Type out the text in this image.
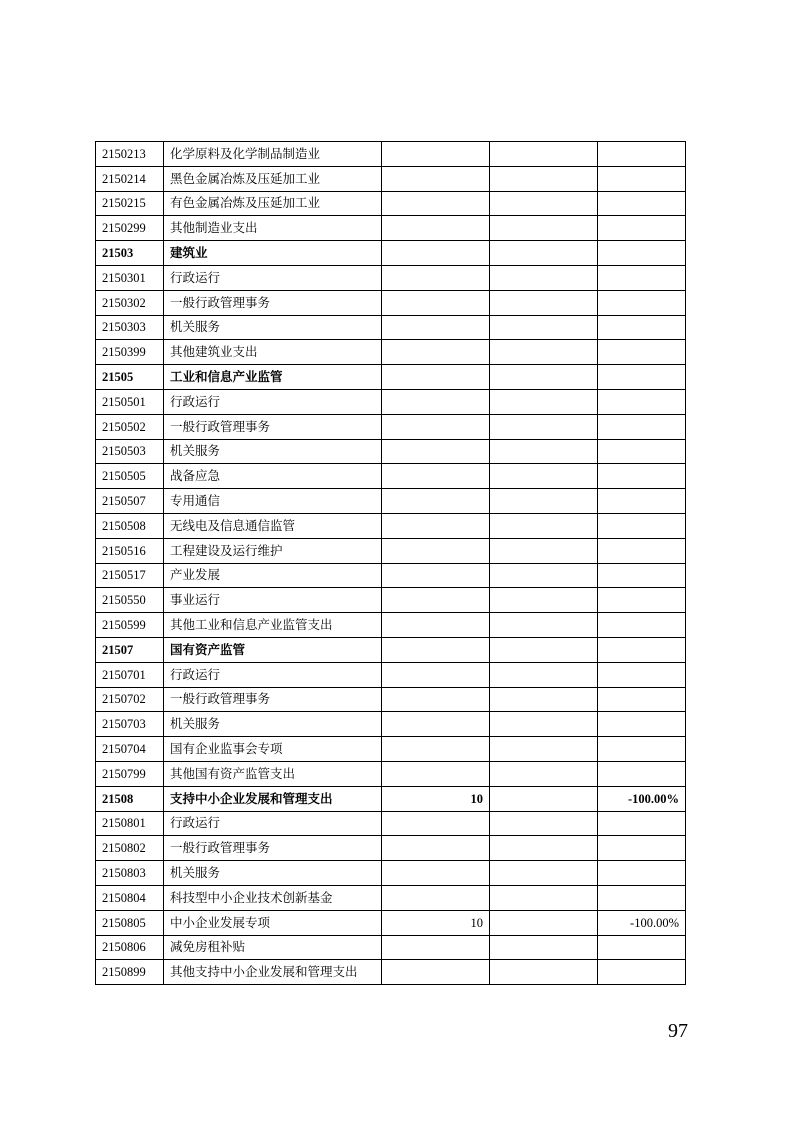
2150213	化学原料及化学制品制造业			
2150214	黑色金属冶炼及压延加工业			
2150215	有色金属冶炼及压延加工业			
2150299	其他制造业支出			
21503	建筑业			
2150301	行政运行			
2150302	一般行政管理事务			
2150303	机关服务			
2150399	其他建筑业支出			
21505	工业和信息产业监管			
2150501	行政运行			
2150502	一般行政管理事务			
2150503	机关服务			
2150505	战备应急			
2150507	专用通信			
2150508	无线电及信息通信监管			
2150516	工程建设及运行维护			
2150517	产业发展			
2150550	事业运行			
2150599	其他工业和信息产业监管支出			
21507	国有资产监管			
2150701	行政运行			
2150702	一般行政管理事务			
2150703	机关服务			
2150704	国有企业监事会专项			
2150799	其他国有资产监管支出			
21508	支持中小企业发展和管理支出	10		-100.00%
2150801	行政运行			
2150802	一般行政管理事务			
2150803	机关服务			
2150804	科技型中小企业技术创新基金			
2150805	中小企业发展专项	10		-100.00%
2150806	减免房租补贴			
2150899	其他支持中小企业发展和管理支出			
97
